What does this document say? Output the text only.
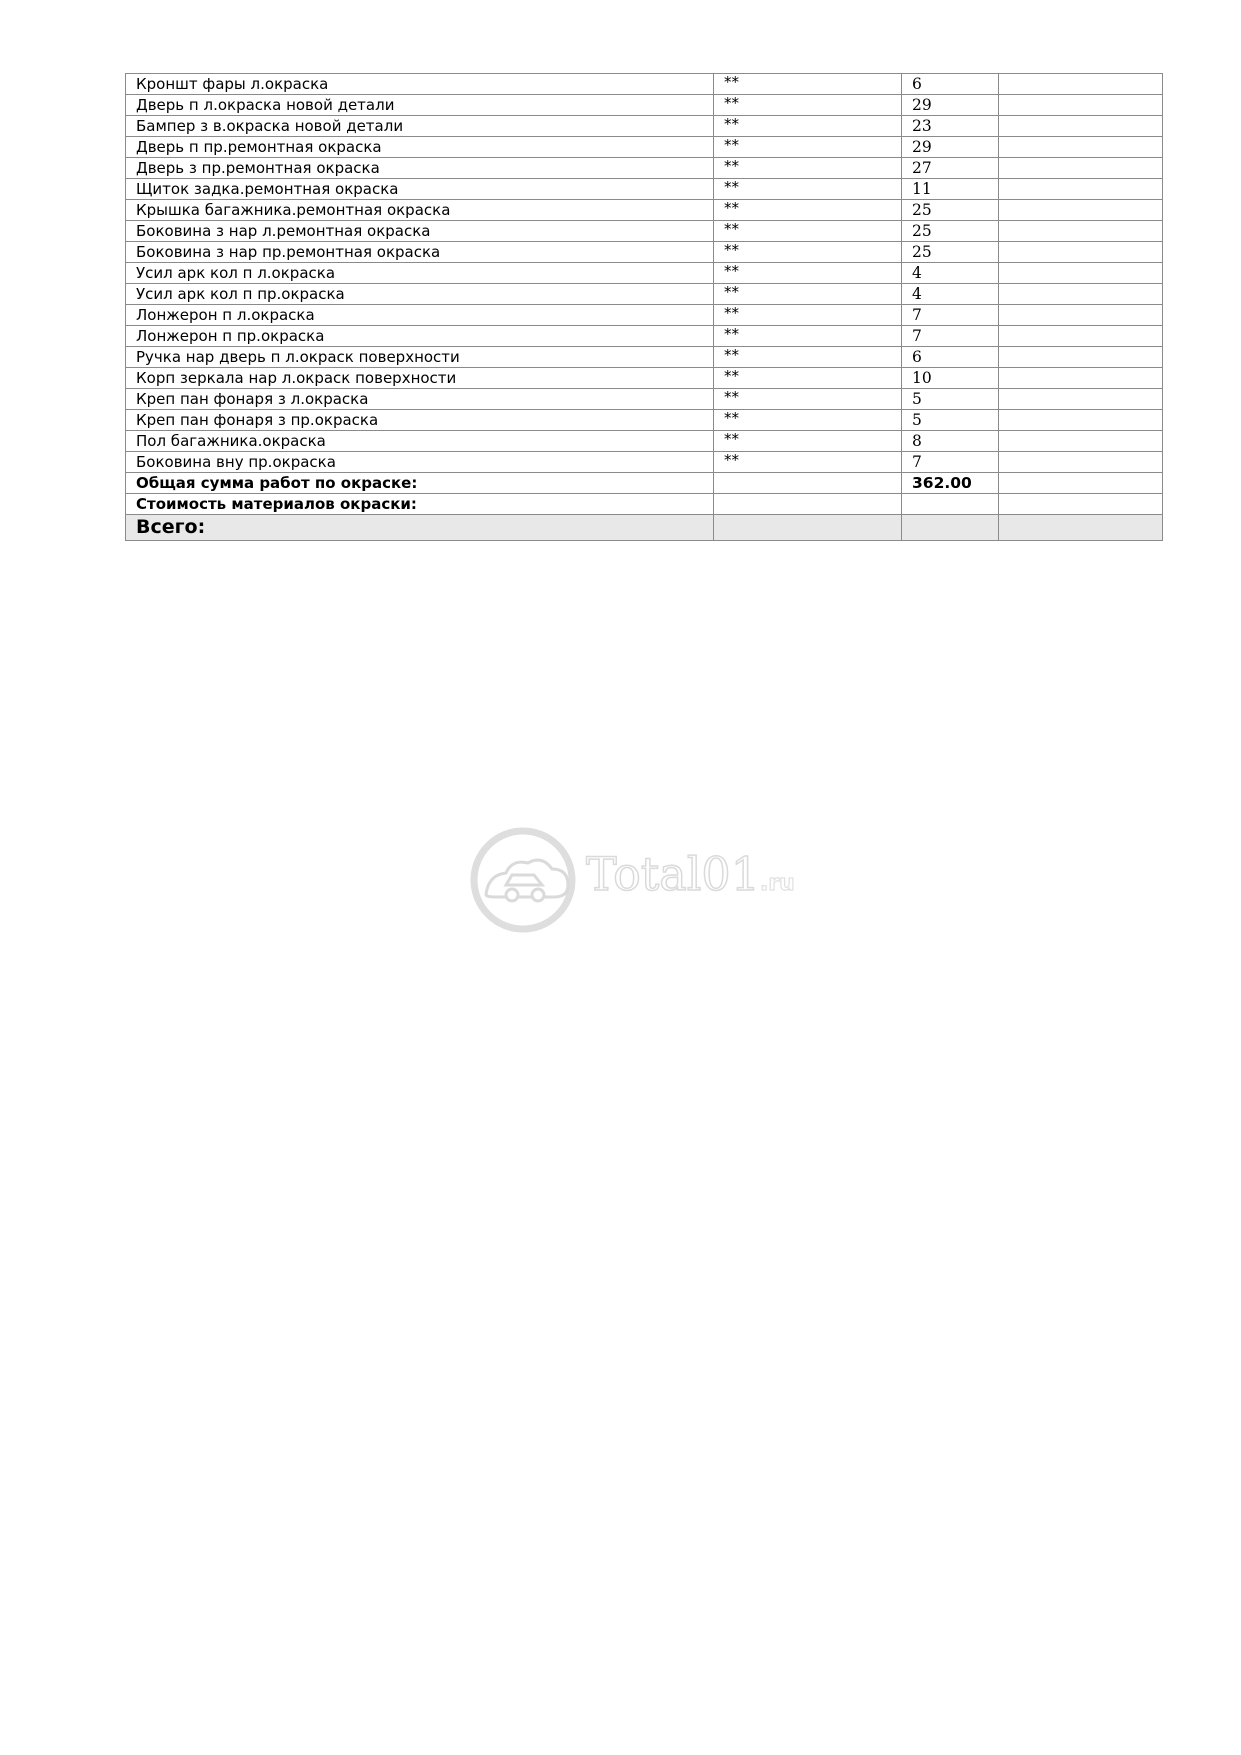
Кроншт фары л.окраска	**	6	
Дверь п л.окраска новой детали	**	29	
Бампер з в.окраска новой детали	**	23	
Дверь п пр.ремонтная окраска	**	29	
Дверь з пр.ремонтная окраска	**	27	
Щиток задка.ремонтная окраска	**	11	
Крышка багажника.ремонтная окраска	**	25	
Боковина з нар л.ремонтная окраска	**	25	
Боковина з нар пр.ремонтная окраска	**	25	
Усил арк кол п л.окраска	**	4	
Усил арк кол п пр.окраска	**	4	
Лонжерон п л.окраска	**	7	
Лонжерон п пр.окраска	**	7	
Ручка нар дверь п л.окраск поверхности	**	6	
Корп зеркала нар л.окраск поверхности	**	10	
Креп пан фонаря з л.окраска	**	5	
Креп пан фонаря з пр.окраска	**	5	
Пол багажника.окраска	**	8	
Боковина вну пр.окраска	**	7	
Общая сумма работ по окраске:		362.00	
Стоимость материалов окраски:			
Всего:			
Total01.ru
